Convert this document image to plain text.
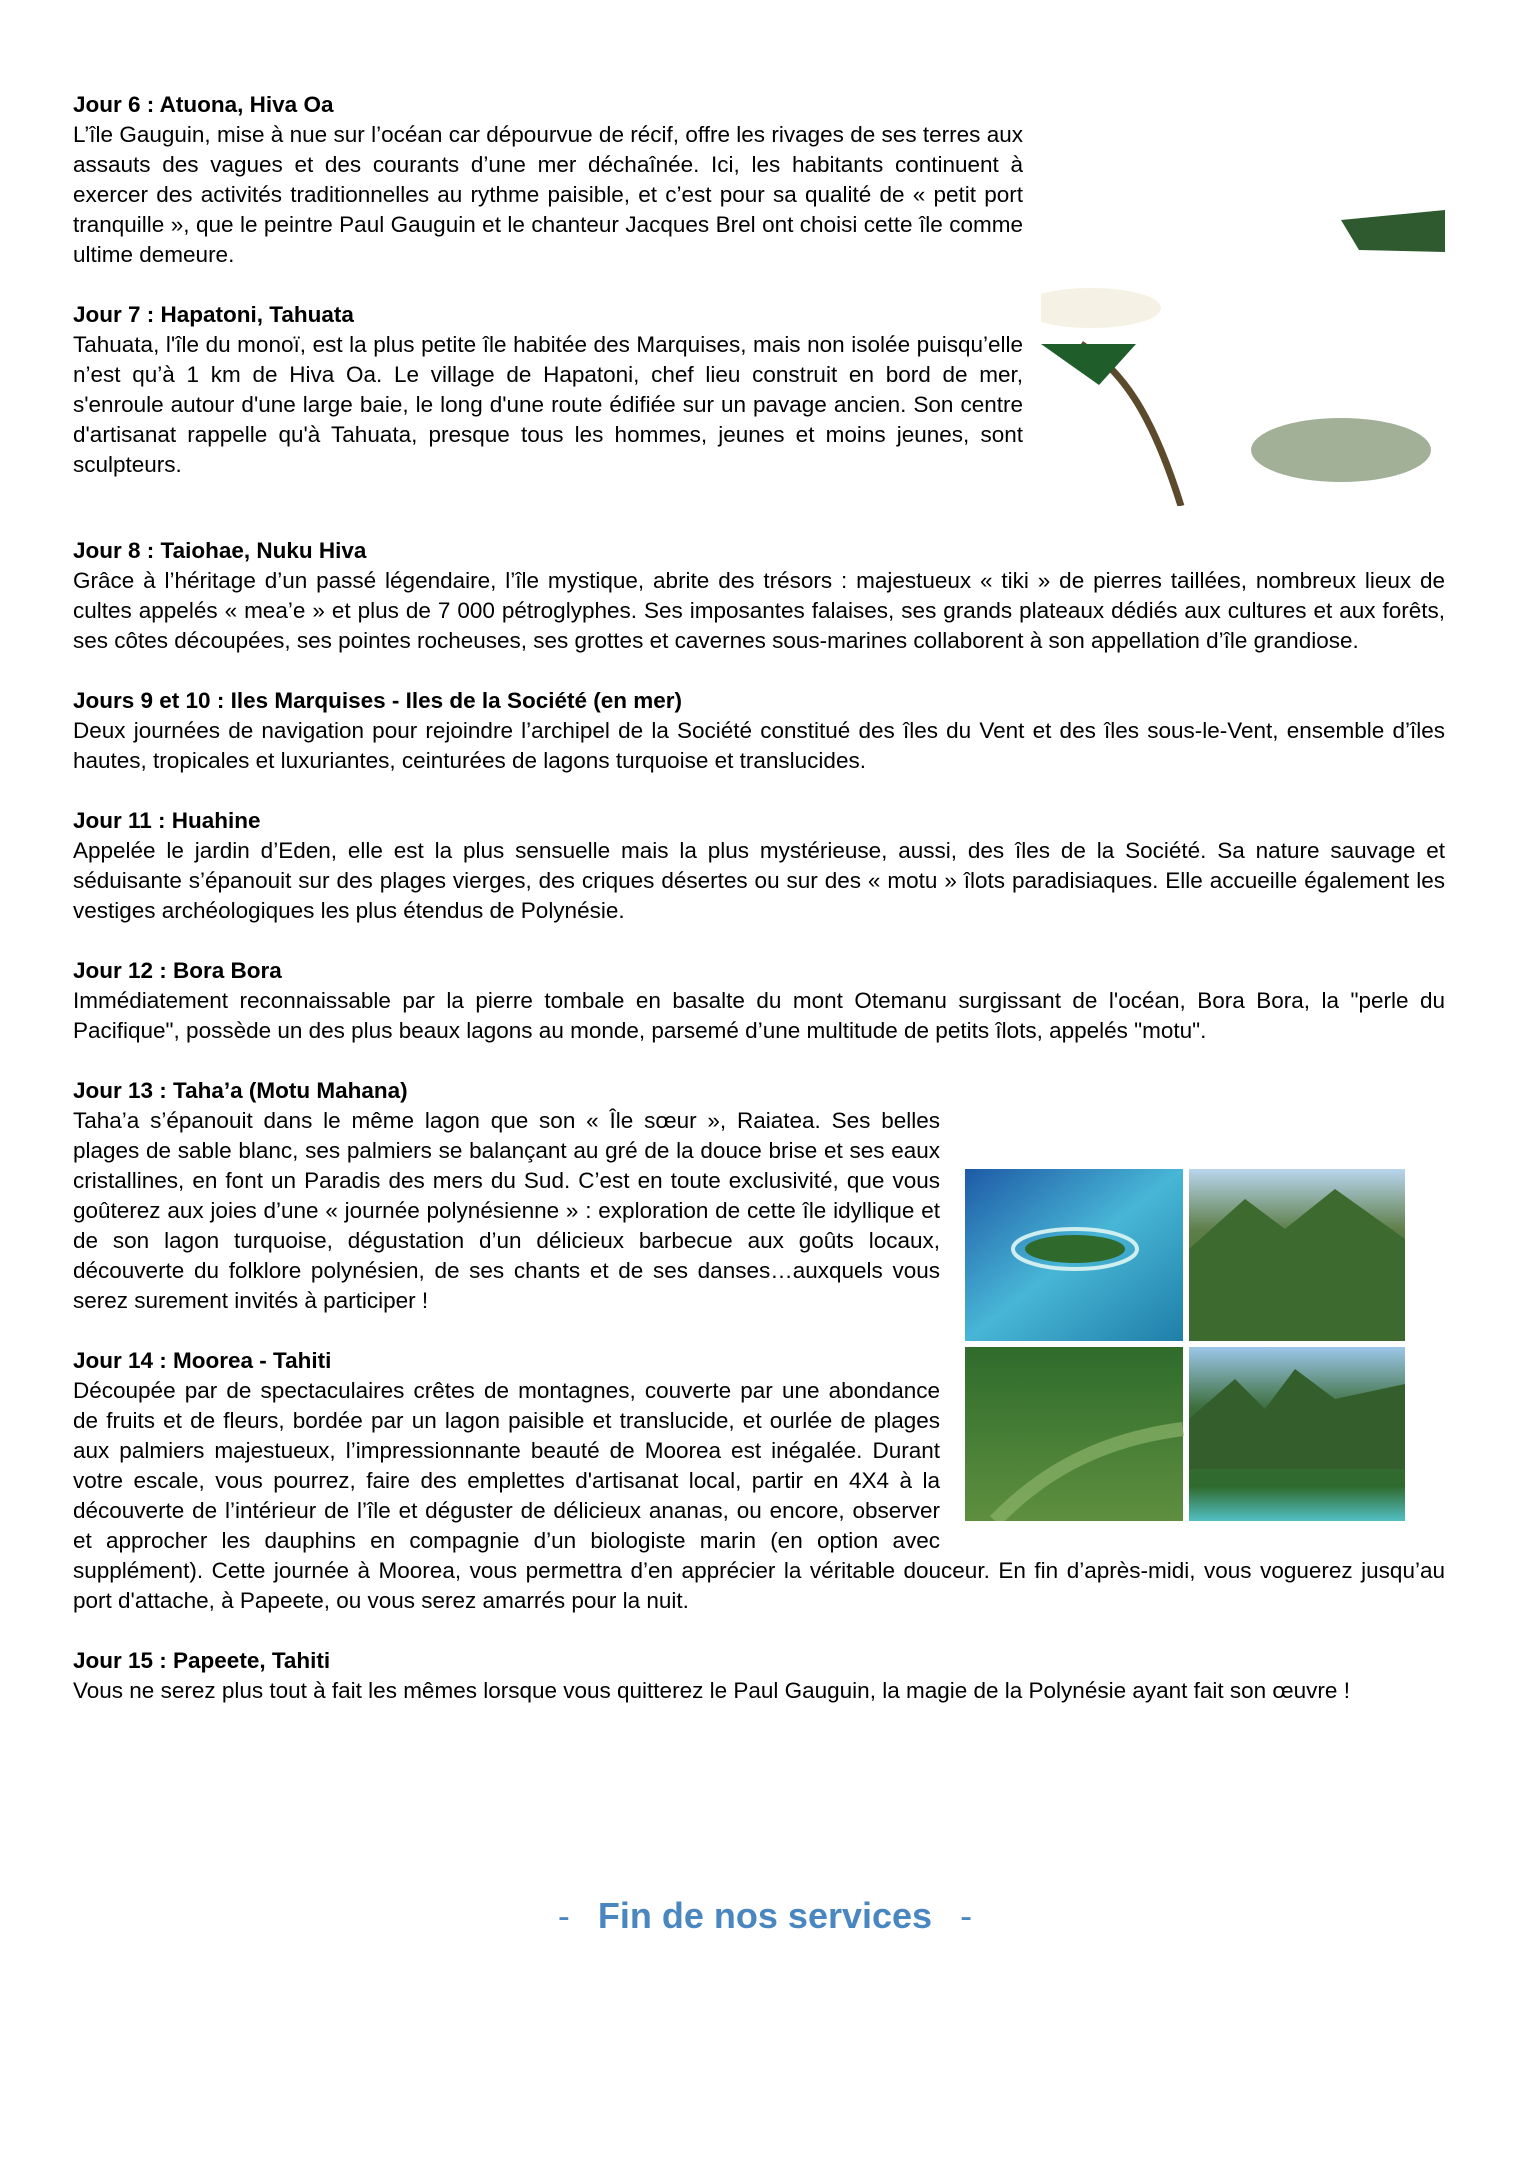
Jour 6 : Atuona, Hiva Oa

L’île Gauguin, mise à nue sur l’océan car dépourvue de récif, offre les rivages de ses terres aux assauts des vagues et des courants d’une mer déchaînée. Ici, les habitants continuent à exercer des activités traditionnelles au rythme paisible, et c’est pour sa qualité de « petit port tranquille », que le peintre Paul Gauguin et le chanteur Jacques Brel ont choisi cette île comme ultime demeure.

Jour 7 : Hapatoni, Tahuata

Tahuata, l'île du monoï, est la plus petite île habitée des Marquises, mais non isolée puisqu’elle n’est qu’à 1 km de Hiva Oa. Le village de Hapatoni, chef lieu construit en bord de mer, s'enroule autour d'une large baie, le long d'une route édifiée sur un pavage ancien. Son centre d'artisanat rappelle qu'à Tahuata, presque tous les hommes, jeunes et moins jeunes, sont sculpteurs.

Jour 8 : Taiohae, Nuku Hiva

Grâce à l’héritage d’un passé légendaire, l’île mystique, abrite des trésors : majestueux « tiki » de pierres taillées, nombreux lieux de cultes appelés « mea’e » et plus de 7 000 pétroglyphes. Ses imposantes falaises, ses grands plateaux dédiés aux cultures et aux forêts, ses côtes découpées, ses pointes rocheuses, ses grottes et cavernes sous-marines collaborent à son appellation d’île grandiose.

Jours 9 et 10 : Iles Marquises - Iles de la Société (en mer)

Deux journées de navigation pour rejoindre l’archipel de la Société constitué des îles du Vent et des îles sous-le-Vent, ensemble d’îles hautes, tropicales et luxuriantes, ceinturées de lagons turquoise et translucides.

Jour 11 : Huahine

Appelée le jardin d’Eden, elle est la plus sensuelle mais la plus mystérieuse, aussi, des îles de la Société. Sa nature sauvage et séduisante s’épanouit sur des plages vierges, des criques désertes ou sur des « motu » îlots paradisiaques. Elle accueille également les vestiges archéologiques les plus étendus de Polynésie.

Jour 12 : Bora Bora

Immédiatement reconnaissable par la pierre tombale en basalte du mont Otemanu surgissant de l'océan, Bora Bora, la "perle du Pacifique", possède un des plus beaux lagons au monde, parsemé d’une multitude de petits îlots, appelés "motu".

Jour 13 : Taha’a (Motu Mahana)

Taha’a s’épanouit dans le même lagon que son « Île sœur », Raiatea. Ses belles plages de sable blanc, ses palmiers se balançant au gré de la douce brise et ses eaux cristallines, en font un Paradis des mers du Sud. C’est en toute exclusivité, que vous goûterez aux joies d’une « journée polynésienne » : exploration de cette île idyllique et de son lagon turquoise, dégustation d’un délicieux barbecue aux goûts locaux, découverte du folklore polynésien, de ses chants et de ses danses…auxquels vous serez surement invités à participer !

Jour 14 : Moorea - Tahiti

Découpée par de spectaculaires crêtes de montagnes, couverte par une abondance de fruits et de fleurs, bordée par un lagon paisible et translucide, et ourlée de plages aux palmiers majestueux, l’impressionnante beauté de Moorea est inégalée. Durant votre escale, vous pourrez, faire des emplettes d'artisanat local, partir en 4X4 à la découverte de l’intérieur de l’île et déguster de délicieux ananas, ou encore, observer et approcher les dauphins en compagnie d’un biologiste marin (en option avec supplément). Cette journée à Moorea, vous permettra d’en apprécier la véritable douceur. En fin d’après-midi, vous voguerez jusqu’au port d'attache, à Papeete, ou vous serez amarrés pour la nuit.

Jour 15 : Papeete, Tahiti

Vous ne serez plus tout à fait les mêmes lorsque vous quitterez le Paul Gauguin, la magie de la Polynésie ayant fait son œuvre !

- Fin de nos services -
